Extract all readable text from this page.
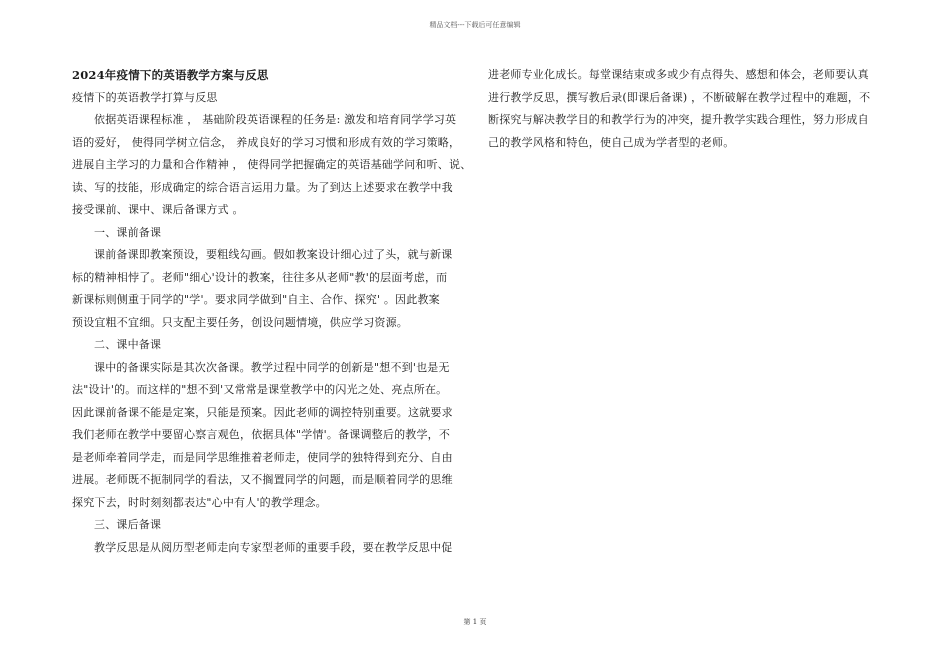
精品文档---下载后可任意编辑
2024年疫情下的英语教学方案与反思
疫情下的英语教学打算与反思
依据英语课程标准 ， 基础阶段英语课程的任务是: 激发和培育同学学习英
语的爱好， 使得同学树立信念， 养成良好的学习习惯和形成有效的学习策略，
进展自主学习的力量和合作精神 ， 使得同学把握确定的英语基础学问和听、说、
读、写的技能，形成确定的综合语言运用力量。为了到达上述要求在教学中我
接受课前、课中、课后备课方式 。
一、课前备课
课前备课即教案预设，要粗线勾画。假如教案设计细心过了头，就与新课
标的精神相悖了。老师"细心'设计的教案，往往多从老师"教'的层面考虑，而
新课标则侧重于同学的"学'。要求同学做到"自主、合作、探究' 。因此教案
预设宜粗不宜细。只支配主要任务，创设问题情境，供应学习资源。
二、课中备课
课中的备课实际是其次次备课。教学过程中同学的创新是"想不到'也是无
法"设计'的。而这样的"想不到'又常常是课堂教学中的闪光之处、亮点所在。
因此课前备课不能是定案，只能是预案。因此老师的调控特别重要。这就要求
我们老师在教学中要留心察言观色，依据具体"学情'。备课调整后的教学，不
是老师牵着同学走，而是同学思维推着老师走，使同学的独特得到充分、自由
进展。老师既不扼制同学的看法，又不搁置同学的问题，而是顺着同学的思维
探究下去，时时刻刻都表达"心中有人'的教学理念。
三、课后备课
教学反思是从阅历型老师走向专家型老师的重要手段，要在教学反思中促
进老师专业化成长。每堂课结束或多或少有点得失、感想和体会，老师要认真
进行教学反思，撰写教后录(即课后备课) ，不断破解在教学过程中的难题，不
断探究与解决教学目的和教学行为的冲突，提升教学实践合理性，努力形成自
己的教学风格和特色，使自己成为学者型的老师。
第 1 页
